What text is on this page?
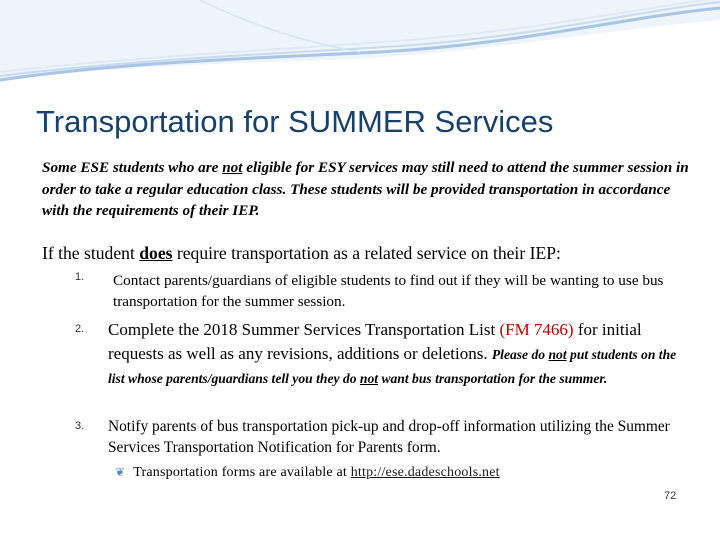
Transportation for SUMMER Services
Some ESE students who are not eligible for ESY services may still need to attend the summer session in order to take a regular education class. These students will be provided transportation in accordance with the requirements of their IEP.
If the student does require transportation as a related service on their IEP:
1. Contact parents/guardians of eligible students to find out if they will be wanting to use bus transportation for the summer session.
2. Complete the 2018 Summer Services Transportation List (FM 7466) for initial requests as well as any revisions, additions or deletions. Please do not put students on the list whose parents/guardians tell you they do not want bus transportation for the summer.
3. Notify parents of bus transportation pick-up and drop-off information utilizing the Summer Services Transportation Notification for Parents form.
❦ Transportation forms are available at http://ese.dadeschools.net
72
